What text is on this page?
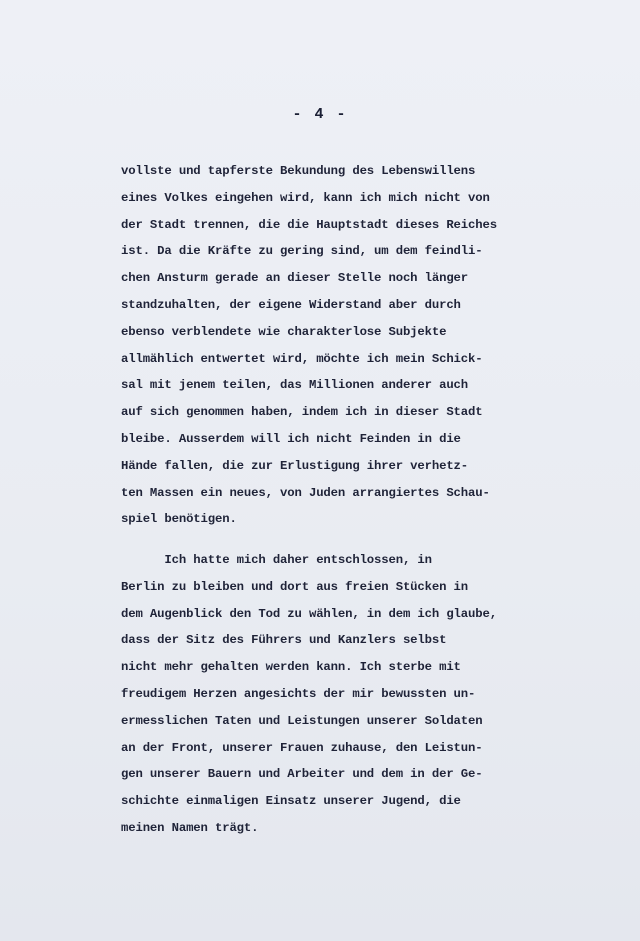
- 4 -
vollste und tapferste Bekundung des Lebenswillens
eines Volkes eingehen wird, kann ich mich nicht von
der Stadt trennen, die die Hauptstadt dieses Reiches
ist. Da die Kräfte zu gering sind, um dem feindli-
chen Ansturm gerade an dieser Stelle noch länger
standzuhalten, der eigene Widerstand aber durch
ebenso verblendete wie charakterlose Subjekte
allmählich entwertet wird, möchte ich mein Schick-
sal mit jenem teilen, das Millionen anderer auch
auf sich genommen haben, indem ich in dieser Stadt
bleibe. Ausserdem will ich nicht Feinden in die
Hände fallen, die zur Erlustigung ihrer verhetz-
ten Massen ein neues, von Juden arrangiertes Schau-
spiel benötigen.
Ich hatte mich daher entschlossen, in
Berlin zu bleiben und dort aus freien Stücken in
dem Augenblick den Tod zu wählen, in dem ich glaube,
dass der Sitz des Führers und Kanzlers selbst
nicht mehr gehalten werden kann. Ich sterbe mit
freudigem Herzen angesichts der mir bewussten un-
ermesslichen Taten und Leistungen unserer Soldaten
an der Front, unserer Frauen zuhause, den Leistun-
gen unserer Bauern und Arbeiter und dem in der Ge-
schichte einmaligen Einsatz unserer Jugend, die
meinen Namen trägt.
